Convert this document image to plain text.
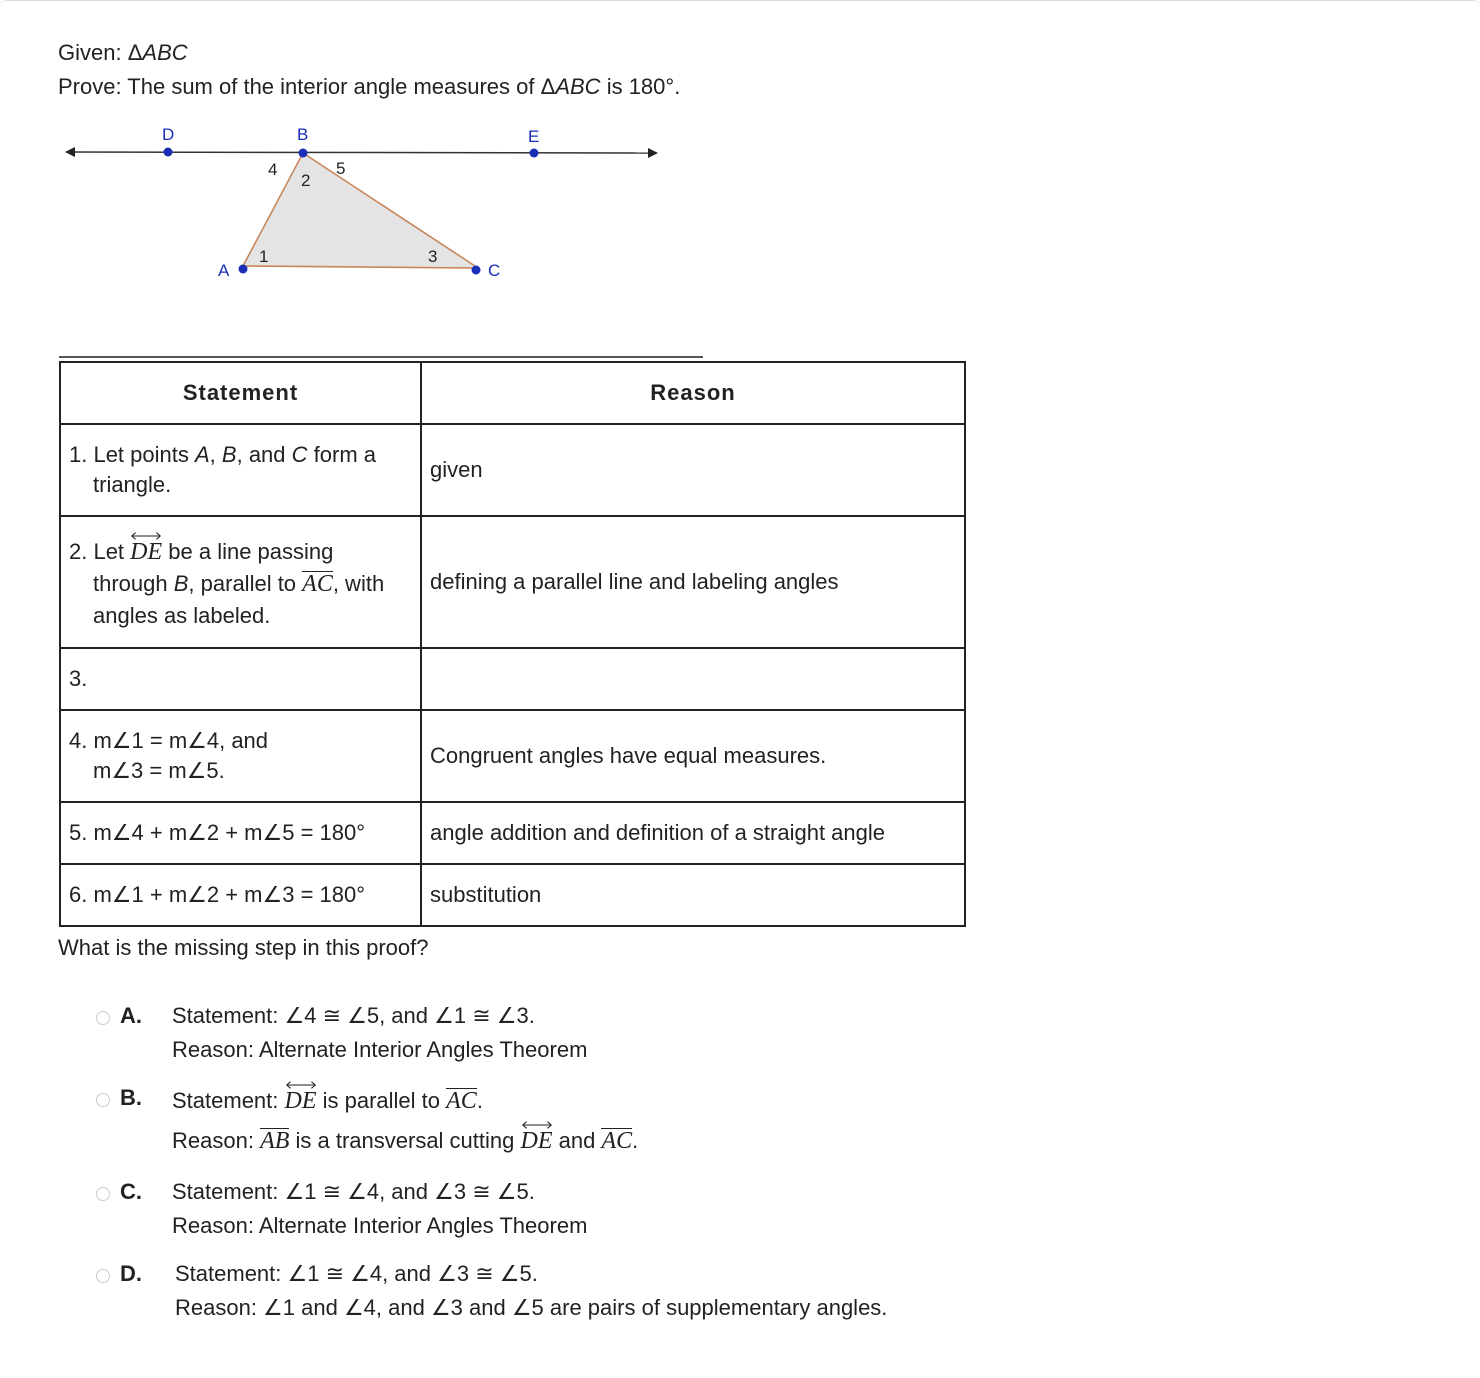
Given: ΔABC
Prove: The sum of the interior angle measures of ΔABC is 180°.
D	B	E
A	C
1
2
3
4	5
Statement	Reason

1. Let points A, B, and C form a triangle.	given

2. Let
DE be a line passing through B, parallel to AC, with angles as labeled.	defining a parallel line and labeling angles
3.	

4. m∠1 = m∠4, and
m∠3 = m∠5.	Congruent angles have equal measures.
5. m∠4 + m∠2 + m∠5 = 180°	angle addition and definition of a straight angle
6. m∠1 + m∠2 + m∠3 = 180°	substitution
What is the missing step in this proof?
A.	Statement: ∠4 ≅ ∠5, and ∠1 ≅ ∠3.
Reason: Alternate Interior Angles Theorem
B.	Statement:
DE is parallel to AC.
Reason: AB is a transversal cutting
DE and AC.
C.	Statement: ∠1 ≅ ∠4, and ∠3 ≅ ∠5.
Reason: Alternate Interior Angles Theorem
D.	Statement: ∠1 ≅ ∠4, and ∠3 ≅ ∠5.
Reason: ∠1 and ∠4, and ∠3 and ∠5 are pairs of supplementary angles.
